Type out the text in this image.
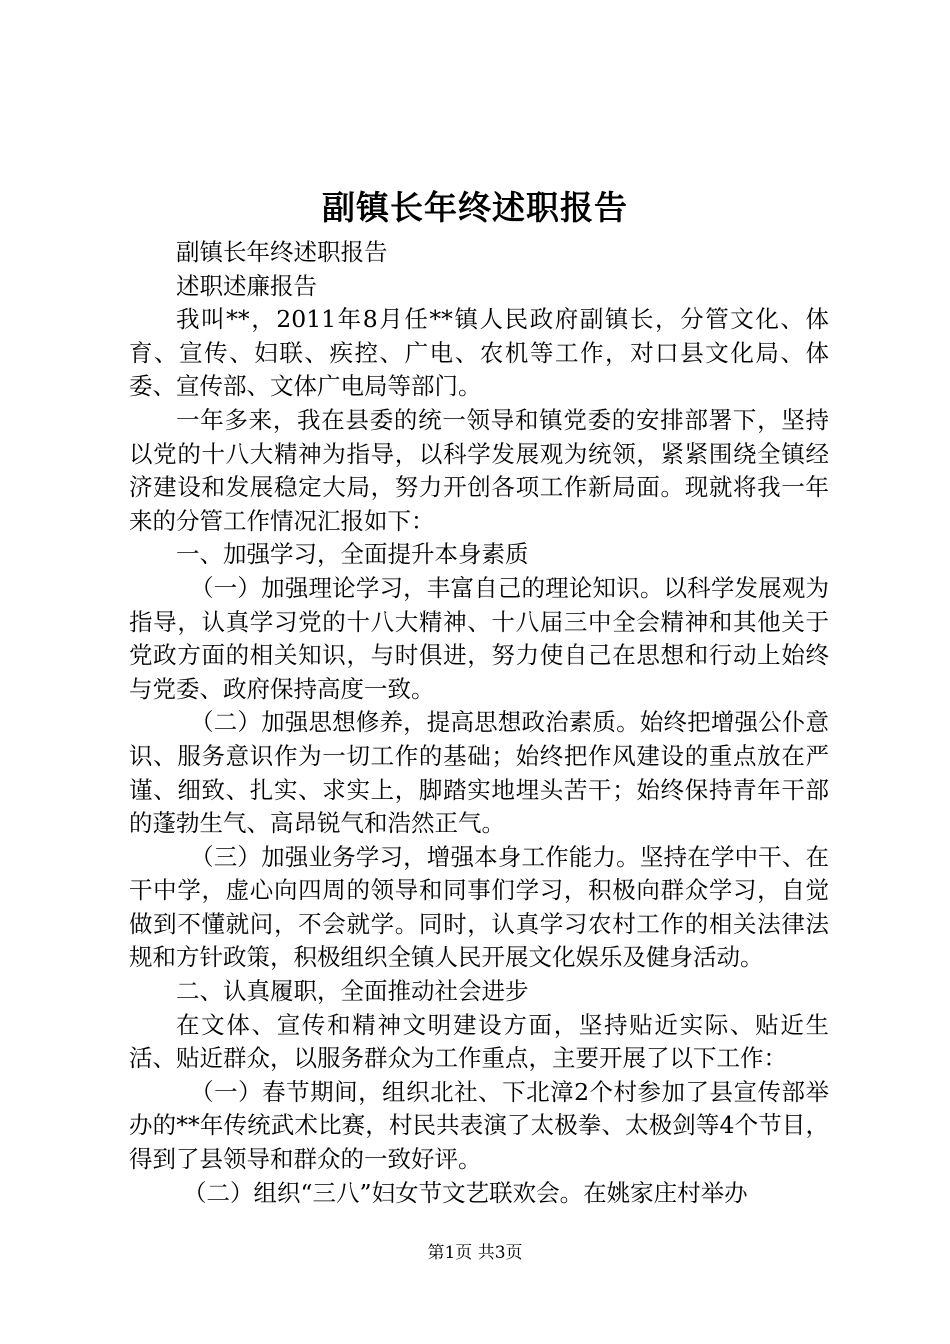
副镇长年终述职报告

副镇长年终述职报告

述职述廉报告

我叫**，2011年8月任**镇人民政府副镇长，分管文化、体育、宣传、妇联、疾控、广电、农机等工作，对口县文化局、体委、宣传部、文体广电局等部门。

一年多来，我在县委的统一领导和镇党委的安排部署下，坚持以党的十八大精神为指导，以科学发展观为统领，紧紧围绕全镇经济建设和发展稳定大局，努力开创各项工作新局面。现就将我一年来的分管工作情况汇报如下：

一、加强学习，全面提升本身素质

（一）加强理论学习，丰富自己的理论知识。以科学发展观为指导，认真学习党的十八大精神、十八届三中全会精神和其他关于党政方面的相关知识，与时俱进，努力使自己在思想和行动上始终与党委、政府保持高度一致。

（二）加强思想修养，提高思想政治素质。始终把增强公仆意识、服务意识作为一切工作的基础；始终把作风建设的重点放在严谨、细致、扎实、求实上，脚踏实地埋头苦干；始终保持青年干部的蓬勃生气、高昂锐气和浩然正气。

（三）加强业务学习，增强本身工作能力。坚持在学中干、在干中学，虚心向四周的领导和同事们学习，积极向群众学习，自觉做到不懂就问，不会就学。同时，认真学习农村工作的相关法律法规和方针政策，积极组织全镇人民开展文化娱乐及健身活动。

二、认真履职，全面推动社会进步

在文体、宣传和精神文明建设方面，坚持贴近实际、贴近生活、贴近群众，以服务群众为工作重点，主要开展了以下工作：

（一）春节期间，组织北社、下北漳2个村参加了县宣传部举办的**年传统武术比赛，村民共表演了太极拳、太极剑等4个节目，得到了县领导和群众的一致好评。

（二）组织“三八”妇女节文艺联欢会。在姚家庄村举办

第1页 共3页
